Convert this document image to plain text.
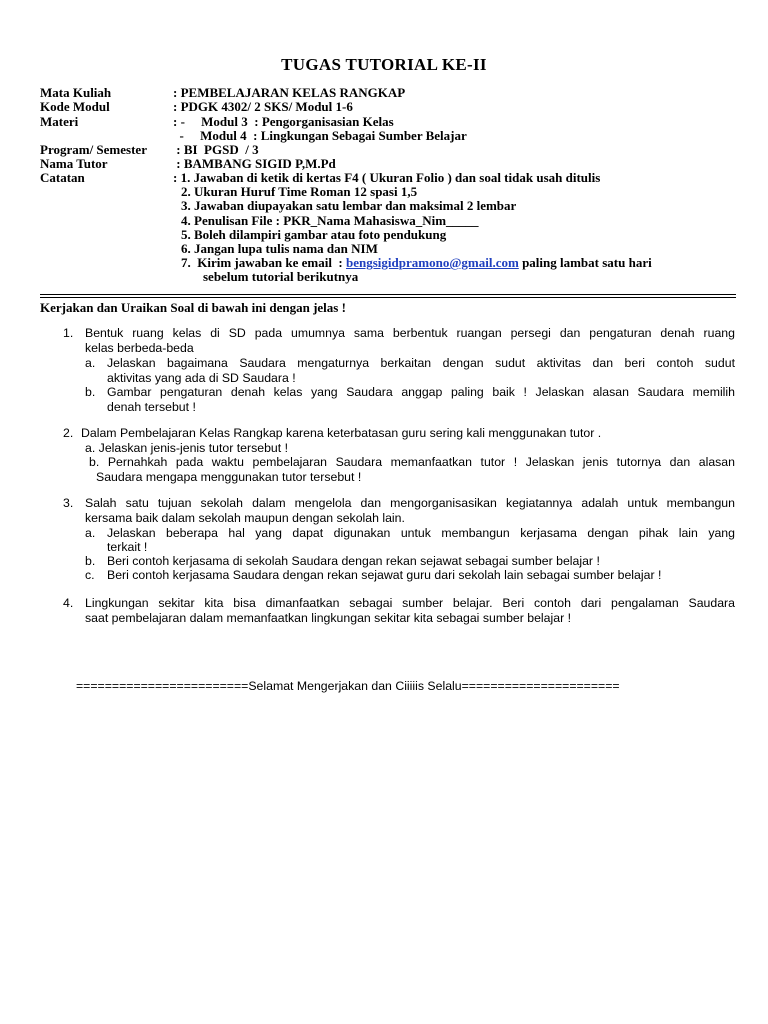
TUGAS TUTORIAL KE-II
Mata Kuliah	: PEMBELAJARAN KELAS RANGKAP
Kode Modul	: PDGK 4302/ 2 SKS/ Modul 1-6
Materi	: -     Modul 3  : Pengorganisasian Kelas
-     Modul 4  : Lingkungan Sebagai Sumber Belajar
Program/ Semester : BI  PGSD  / 3
Nama Tutor	: BAMBANG SIGID P,M.Pd
Catatan	: 1. Jawaban di ketik di kertas F4 ( Ukuran Folio ) dan soal tidak usah ditulis
2. Ukuran Huruf Time Roman 12 spasi 1,5
3. Jawaban diupayakan satu lembar dan maksimal 2 lembar
4. Penulisan File : PKR_Nama Mahasiswa_Nim_____
5. Boleh dilampiri gambar atau foto pendukung
6. Jangan lupa tulis nama dan NIM
7.  Kirim jawaban ke email  : bengsigidpramono@gmail.com paling lambat satu hari
sebelum tutorial berikutnya
Kerjakan dan Uraikan Soal di bawah ini dengan jelas !
1. Bentuk ruang kelas di SD pada umumnya sama berbentuk ruangan persegi dan pengaturan denah ruang
kelas berbeda-beda
a. Jelaskan bagaimana Saudara mengaturnya berkaitan dengan sudut aktivitas dan beri contoh sudut
aktivitas yang ada di SD Saudara !
b. Gambar pengaturan denah kelas yang Saudara anggap paling baik ! Jelaskan alasan Saudara memilih
denah tersebut !
2. Dalam Pembelajaran Kelas Rangkap karena keterbatasan guru sering kali menggunakan tutor .
a. Jelaskan jenis-jenis tutor tersebut !
b. Pernahkah pada waktu pembelajaran Saudara memanfaatkan tutor ! Jelaskan jenis tutornya dan alasan
Saudara mengapa menggunakan tutor tersebut !
3. Salah satu tujuan sekolah dalam mengelola dan mengorganisasikan kegiatannya adalah untuk membangun
kersama baik dalam sekolah maupun dengan sekolah lain.
a. Jelaskan beberapa hal yang dapat digunakan untuk membangun kerjasama dengan pihak lain yang
terkait !
b. Beri contoh kerjasama di sekolah Saudara dengan rekan sejawat sebagai sumber belajar !
c. Beri contoh kerjasama Saudara dengan rekan sejawat guru dari sekolah lain sebagai sumber belajar !
4. Lingkungan sekitar kita bisa dimanfaatkan sebagai sumber belajar. Beri contoh dari pengalaman Saudara
saat pembelajaran dalam memanfaatkan lingkungan sekitar kita sebagai sumber belajar !
========================Selamat Mengerjakan dan Ciiiiis Selalu======================
